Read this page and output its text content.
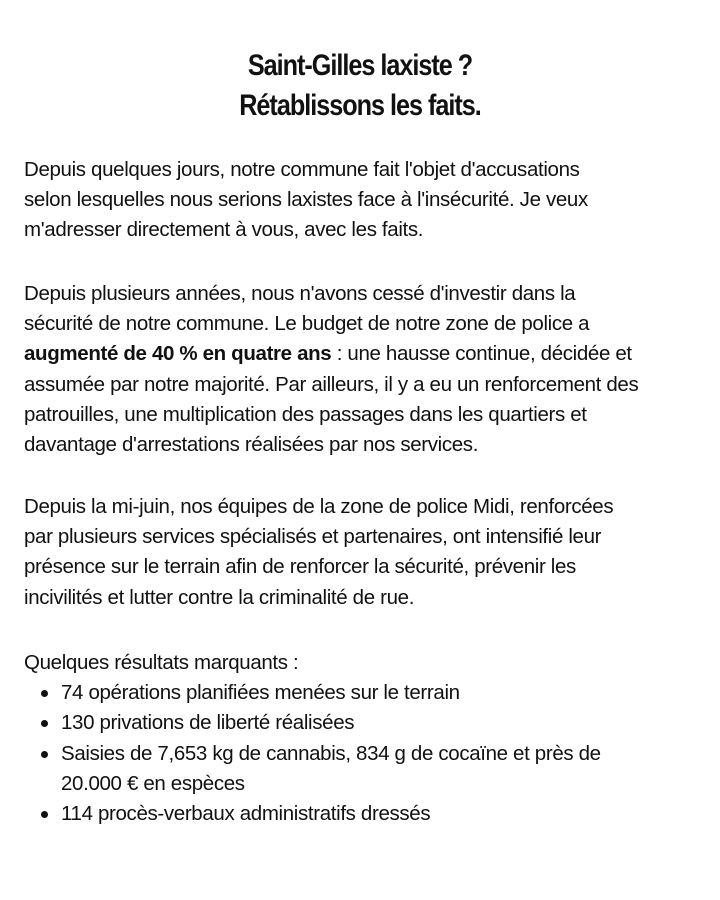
Saint-Gilles laxiste ?
Rétablissons les faits.
Depuis quelques jours, notre commune fait l'objet d'accusations
selon lesquelles nous serions laxistes face à l'insécurité. Je veux
m'adresser directement à vous, avec les faits.
Depuis plusieurs années, nous n'avons cessé d'investir dans la
sécurité de notre commune. Le budget de notre zone de police a
augmenté de 40 % en quatre ans : une hausse continue, décidée et
assumée par notre majorité. Par ailleurs, il y a eu un renforcement des
patrouilles, une multiplication des passages dans les quartiers et
davantage d'arrestations réalisées par nos services.
Depuis la mi-juin, nos équipes de la zone de police Midi, renforcées
par plusieurs services spécialisés et partenaires, ont intensifié leur
présence sur le terrain afin de renforcer la sécurité, prévenir les
incivilités et lutter contre la criminalité de rue.
Quelques résultats marquants :
74 opérations planifiées menées sur le terrain
130 privations de liberté réalisées
Saisies de 7,653 kg de cannabis, 834 g de cocaïne et près de
20.000 € en espèces
114 procès-verbaux administratifs dressés
